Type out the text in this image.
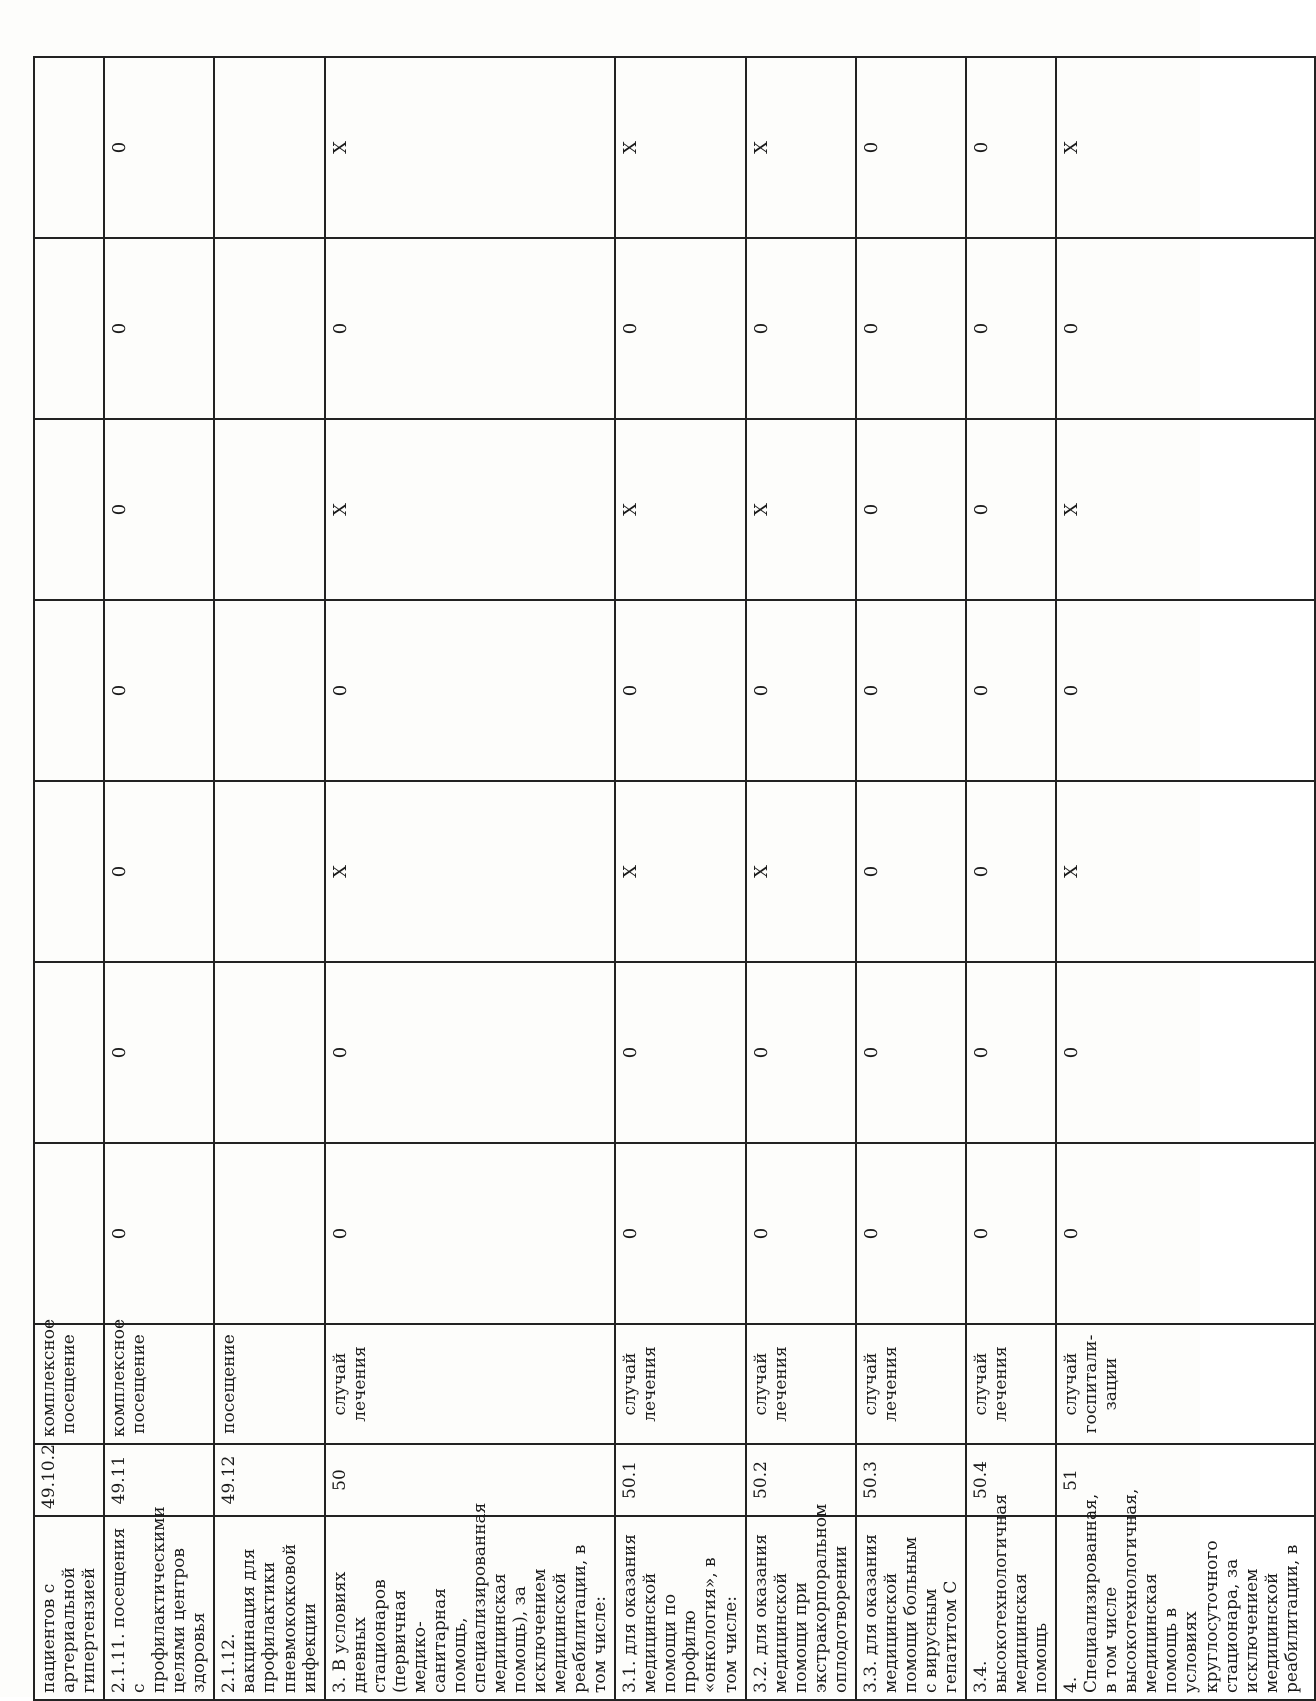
пациентов с артериальной гипертензией	49.10.2	комплексное посещение							
2.1.11. посещения с профилактическими целями центров здоровья	49.11	комплексное посещение	0	0	0	0	0	0	0
2.1.12. вакцинация для профилактики пневмококковой инфекции	49.12	посещение							
3. В условиях дневных стационаров (первичная медико-санитарная помощь, специализированная медицинская помощь), за исключением медицинской реабилитации, в том числе:	50	случай лечения	0	0	X	0	X	0	X
3.1. для оказания медицинской помощи по профилю «онкология», в том числе:	50.1	случай лечения	0	0	X	0	X	0	X
3.2. для оказания медицинской помощи при экстракорпоральном оплодотворении	50.2	случай лечения	0	0	X	0	X	0	X
3.3. для оказания медицинской помощи больным с вирусным гепатитом С	50.3	случай лечения	0	0	0	0	0	0	0
3.4. высокотехнологичная медицинская помощь	50.4	случай лечения	0	0	0	0	0	0	0
4. Специализированная, в том числе высокотехнологичная, медицинская помощь в условиях круглосуточного стационара, за исключением медицинской реабилитации, в	51	случай госпитали-зации	0	0	X	0	X	0	X
